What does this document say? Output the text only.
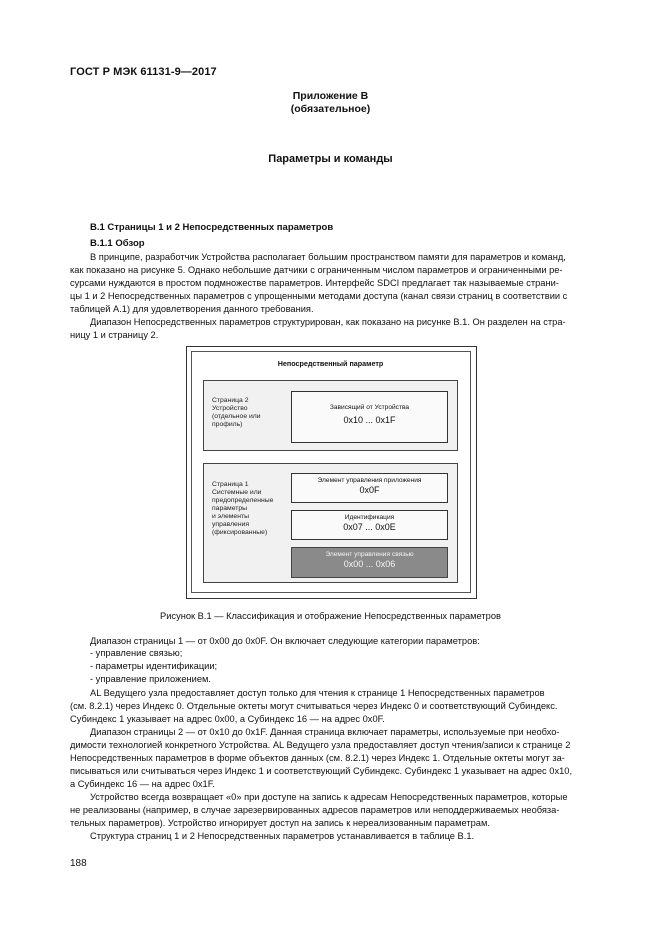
ГОСТ Р МЭК 61131-9—2017
Приложение В
(обязательное)
Параметры и команды
В.1 Страницы 1 и 2 Непосредственных параметров
В.1.1 Обзор
В принципе, разработчик Устройства располагает большим пространством памяти для параметров и команд,
как показано на рисунке 5. Однако небольшие датчики с ограниченным числом параметров и ограниченными ре-
сурсами нуждаются в простом подмножестве параметров. Интерфейс SDCI предлагает так называемые страни-
цы 1 и 2 Непосредственных параметров с упрощенными методами доступа (канал связи страниц в соответствии с
таблицей А.1) для удовлетворения данного требования.
Диапазон Непосредственных параметров структурирован, как показано на рисунке В.1. Он разделен на стра-
ницу 1 и страницу 2.
Непосредственный параметр
Страница 2
Устройство
(отдельное или
профиль)
Зависящий от Устройства
0x10 ... 0x1F
Страница 1
Системные или
предопределенные
параметры
и элементы
управления
(фиксированные)
Элемент управления приложения
0x0F
Идентификация
0x07 ... 0x0E
Элемент управления связью
0x00 ... 0x06
Рисунок В.1 — Классификация и отображение Непосредственных параметров
Диапазон страницы 1 — от 0x00 до 0x0F. Он включает следующие категории параметров:
- управление связью;
- параметры идентификации;
- управление приложением.
AL Ведущего узла предоставляет доступ только для чтения к странице 1 Непосредственных параметров
(см. 8.2.1) через Индекс 0. Отдельные октеты могут считываться через Индекс 0 и соответствующий Субиндекс.
Субиндекс 1 указывает на адрес 0x00, а Субиндекс 16 — на адрес 0x0F.
Диапазон страницы 2 — от 0x10 до 0x1F. Данная страница включает параметры, используемые при необхо-
димости технологией конкретного Устройства. AL Ведущего узла предоставляет доступ чтения/записи к странице 2
Непосредственных параметров в форме объектов данных (см. 8.2.1) через Индекс 1. Отдельные октеты могут за-
писываться или считываться через Индекс 1 и соответствующий Субиндекс. Субиндекс 1 указывает на адрес 0x10,
а Субиндекс 16 — на адрес 0x1F.
Устройство всегда возвращает «0» при доступе на запись к адресам Непосредственных параметров, которые
не реализованы (например, в случае зарезервированных адресов параметров или неподдерживаемых необяза-
тельных параметров). Устройство игнорирует доступ на запись к нереализованным параметрам.
Структура страниц 1 и 2 Непосредственных параметров устанавливается в таблице В.1.
188
